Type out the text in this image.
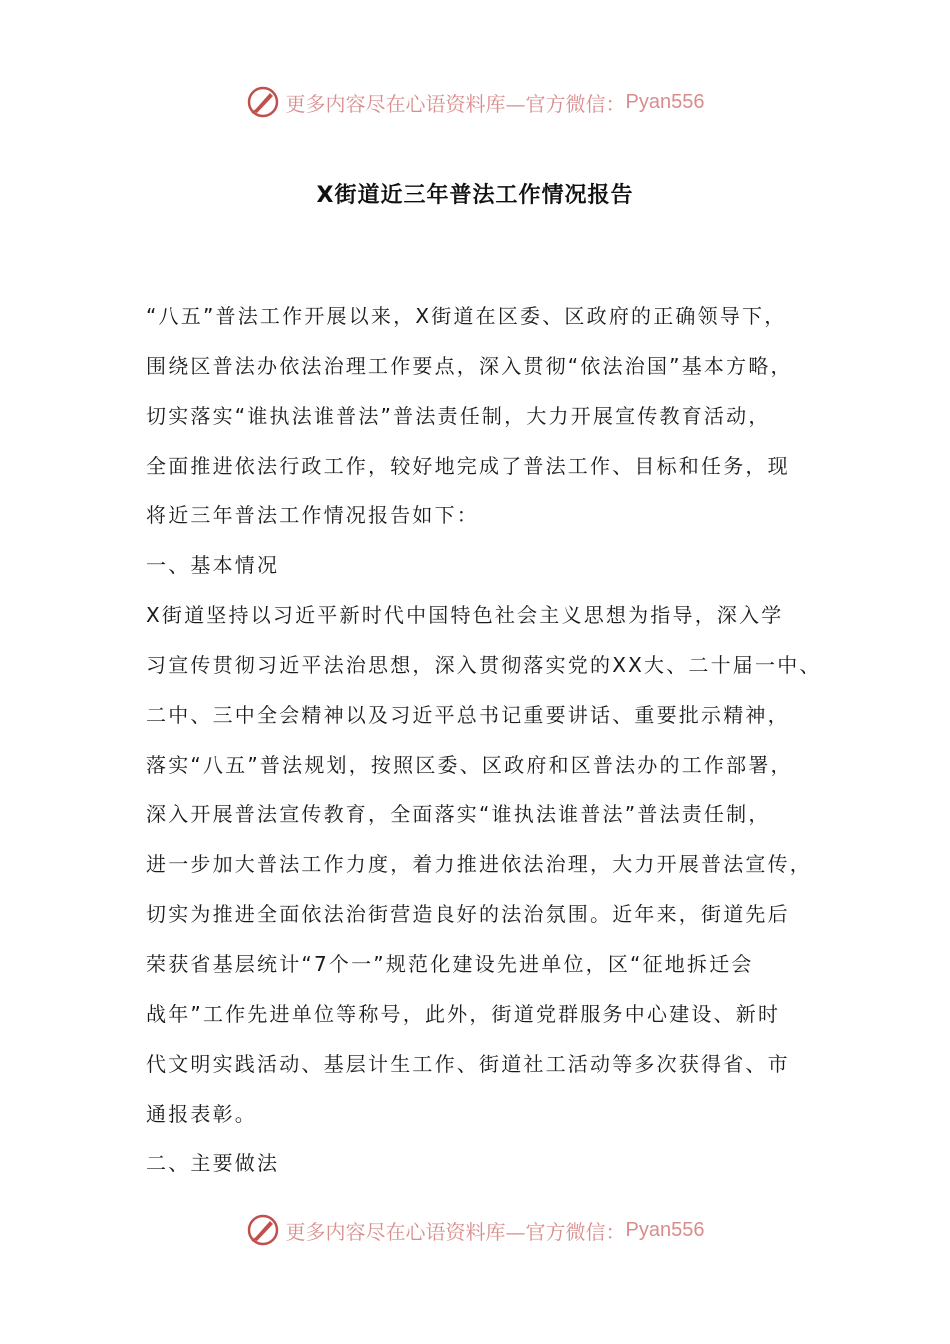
更多内容尽在心语资料库—官方微信： Pyan556
X街道近三年普法工作情况报告
“八五”普法工作开展以来，X街道在区委、区政府的正确领导下，
围绕区普法办依法治理工作要点，深入贯彻“依法治国”基本方略，
切实落实“谁执法谁普法”普法责任制，大力开展宣传教育活动，
全面推进依法行政工作，较好地完成了普法工作、目标和任务，现
将近三年普法工作情况报告如下：
一、基本情况
X街道坚持以习近平新时代中国特色社会主义思想为指导，深入学
习宣传贯彻习近平法治思想，深入贯彻落实党的XX大、二十届一中、
二中、三中全会精神以及习近平总书记重要讲话、重要批示精神，
落实“八五”普法规划，按照区委、区政府和区普法办的工作部署，
深入开展普法宣传教育，全面落实“谁执法谁普法”普法责任制，
进一步加大普法工作力度，着力推进依法治理，大力开展普法宣传，
切实为推进全面依法治街营造良好的法治氛围。近年来，街道先后
荣获省基层统计“7个一”规范化建设先进单位，区“征地拆迁会
战年”工作先进单位等称号，此外，街道党群服务中心建设、新时
代文明实践活动、基层计生工作、街道社工活动等多次获得省、市
通报表彰。
二、主要做法
更多内容尽在心语资料库—官方微信： Pyan556
